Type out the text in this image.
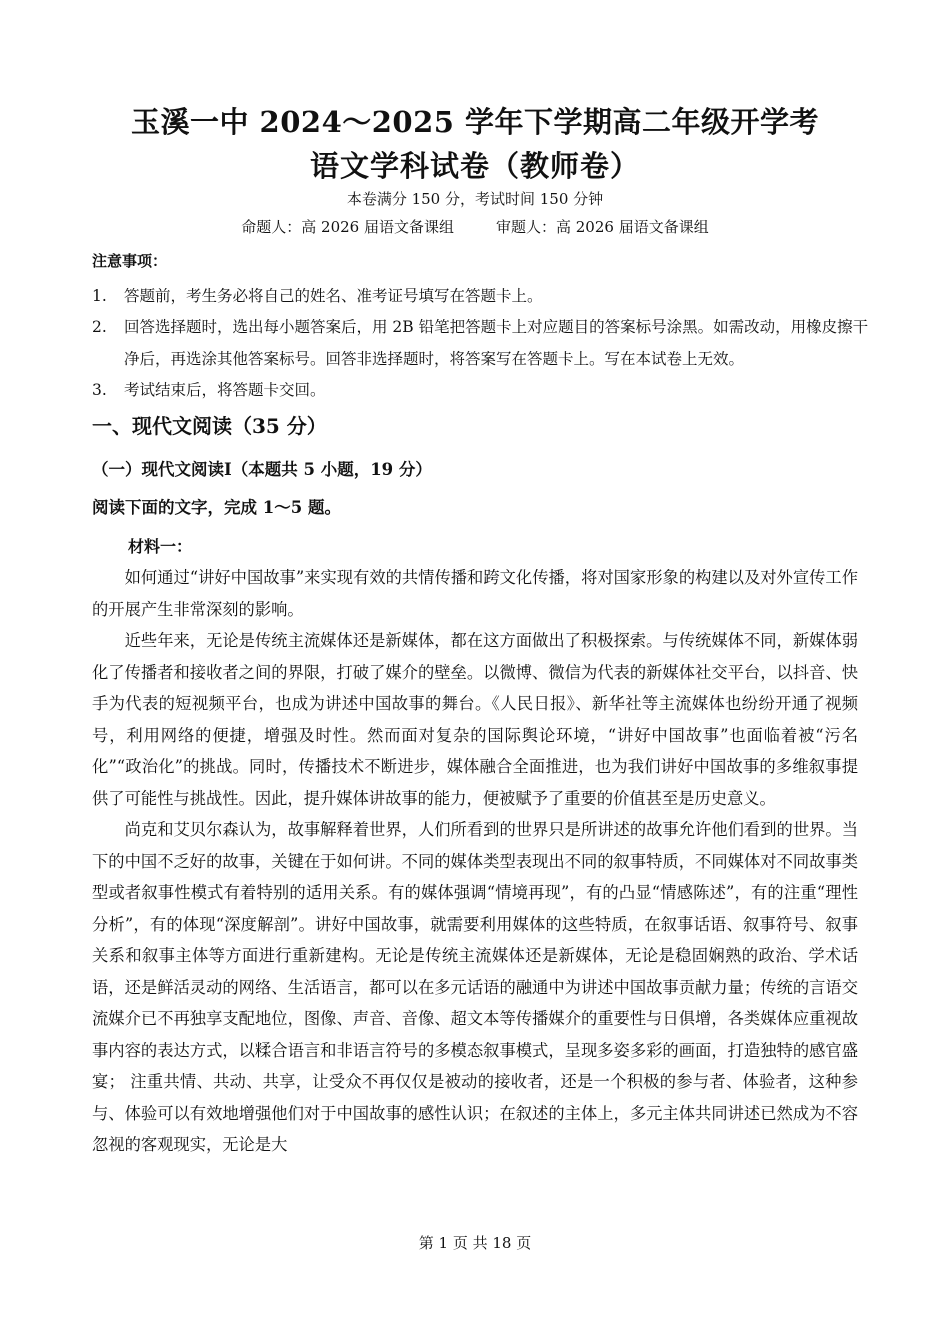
玉溪一中 2024～2025 学年下学期高二年级开学考
语文学科试卷（教师卷）
本卷满分 150 分，考试时间 150 分钟
命题人：高 2026 届语文备课组	审题人：高 2026 届语文备课组
注意事项：
1.	答题前，考生务必将自己的姓名、准考证号填写在答题卡上。
2.	回答选择题时，选出每小题答案后，用 2B 铅笔把答题卡上对应题目的答案标号涂黑。如需改动，用橡皮擦干净后，再选涂其他答案标号。回答非选择题时，将答案写在答题卡上。写在本试卷上无效。
3.	考试结束后，将答题卡交回。
一、现代文阅读（35 分）
（一）现代文阅读Ⅰ（本题共 5 小题，19 分）
阅读下面的文字，完成 1～5 题。
材料一：

如何通过“讲好中国故事”来实现有效的共情传播和跨文化传播，将对国家形象的构建以及对外宣传工作的开展产生非常深刻的影响。

近些年来，无论是传统主流媒体还是新媒体，都在这方面做出了积极探索。与传统媒体不同，新媒体弱化了传播者和接收者之间的界限，打破了媒介的壁垒。以微博、微信为代表的新媒体社交平台，以抖音、快手为代表的短视频平台，也成为讲述中国故事的舞台。《人民日报》、新华社等主流媒体也纷纷开通了视频号，利用网络的便捷，增强及时性。然而面对复杂的国际舆论环境，“讲好中国故事”也面临着被“污名化”“政治化”的挑战。同时，传播技术不断进步，媒体融合全面推进，也为我们讲好中国故事的多维叙事提供了可能性与挑战性。因此，提升媒体讲故事的能力，便被赋予了重要的价值甚至是历史意义。

尚克和艾贝尔森认为，故事解释着世界，人们所看到的世界只是所讲述的故事允许他们看到的世界。当下的中国不乏好的故事，关键在于如何讲。不同的媒体类型表现出不同的叙事特质，不同媒体对不同故事类型或者叙事性模式有着特别的适用关系。有的媒体强调“情境再现”，有的凸显“情感陈述”，有的注重“理性分析”，有的体现“深度解剖”。讲好中国故事，就需要利用媒体的这些特质，在叙事话语、叙事符号、叙事关系和叙事主体等方面进行重新建构。无论是传统主流媒体还是新媒体，无论是稳固娴熟的政治、学术话语，还是鲜活灵动的网络、生活语言，都可以在多元话语的融通中为讲述中国故事贡献力量；传统的言语交流媒介已不再独享支配地位，图像、声音、音像、超文本等传播媒介的重要性与日俱增，各类媒体应重视故事内容的表达方式，以糅合语言和非语言符号的多模态叙事模式，呈现多姿多彩的画面，打造独特的感官盛宴； 注重共情、共动、共享，让受众不再仅仅是被动的接收者，还是一个积极的参与者、体验者，这种参与、体验可以有效地增强他们对于中国故事的感性认识；在叙述的主体上，多元主体共同讲述已然成为不容忽视的客观现实，无论是大

第 1 页 共 18 页
